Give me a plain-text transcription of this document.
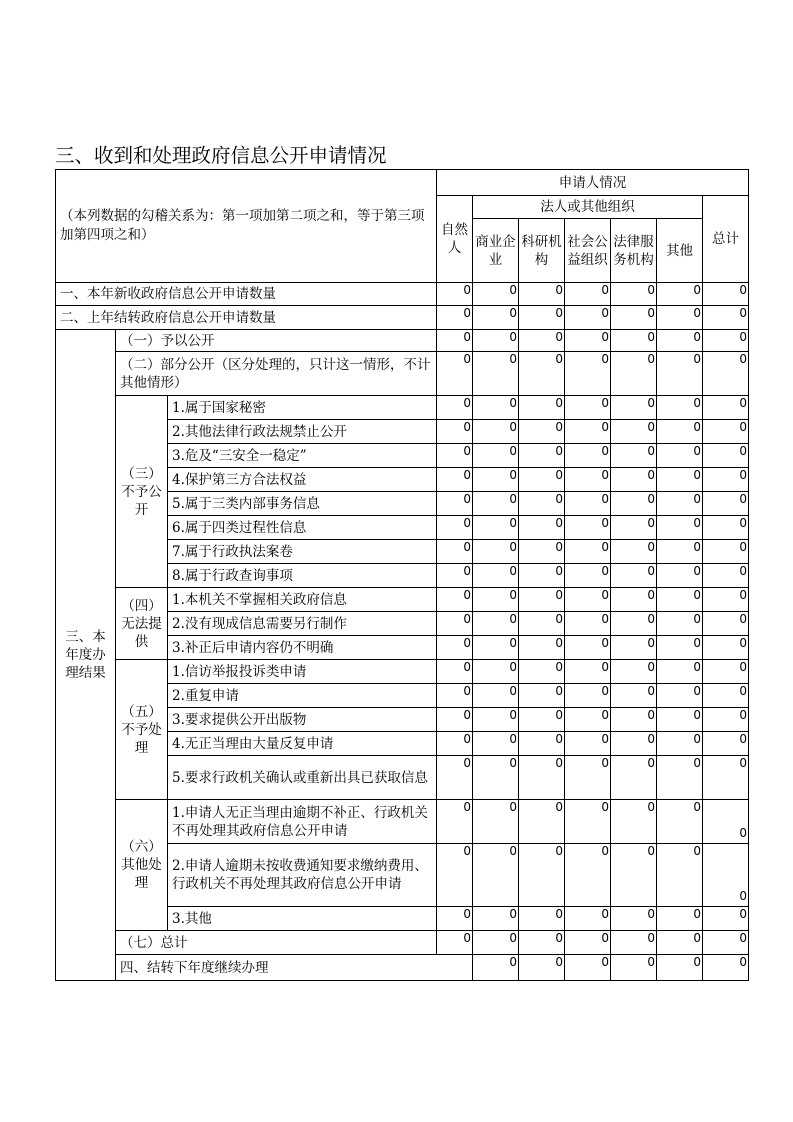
三、收到和处理政府信息公开申请情况
（本列数据的勾稽关系为：第一项加第二项之和，等于第三项加第四项之和）			申请人情况							
			自然人	法人或其他组织					总计	
				商业企业	科研机构	社会公益组织	法律服务机构	其他		
一、本年新收政府信息公开申请数量			0	0	0	0	0	0	0	
二、上年结转政府信息公开申请数量			0	0	0	0	0	0	0	
三、本年度办理结果	（一）予以公开		0	0	0	0	0	0	0	
	（二）部分公开（区分处理的，只计这一情形，不计其他情形）		0	0	0	0	0	0	0	
	（三）不予公开	1.属于国家秘密	0	0	0	0	0	0	0	
		2.其他法律行政法规禁止公开	0	0	0	0	0	0	0	
		3.危及“三安全一稳定”	0	0	0	0	0	0	0	
		4.保护第三方合法权益	0	0	0	0	0	0	0	
		5.属于三类内部事务信息	0	0	0	0	0	0	0	
		6.属于四类过程性信息	0	0	0	0	0	0	0	
		7.属于行政执法案卷	0	0	0	0	0	0	0	
		8.属于行政查询事项	0	0	0	0	0	0	0	
	（四）无法提供	1.本机关不掌握相关政府信息	0	0	0	0	0	0	0	
		2.没有现成信息需要另行制作	0	0	0	0	0	0	0	
		3.补正后申请内容仍不明确	0	0	0	0	0	0	0	
	（五）不予处理	1.信访举报投诉类申请	0	0	0	0	0	0	0	
		2.重复申请	0	0	0	0	0	0	0	
		3.要求提供公开出版物	0	0	0	0	0	0	0	
		4.无正当理由大量反复申请	0	0	0	0	0	0	0	
		5.要求行政机关确认或重新出具已获取信息	0	0	0	0	0	0	0	
	（六）其他处理	1.申请人无正当理由逾期不补正、行政机关不再处理其政府信息公开申请	0	0	0	0	0	0	0	
		2.申请人逾期未按收费通知要求缴纳费用、行政机关不再处理其政府信息公开申请	0	0	0	0	0	0	0	
		3.其他	0	0	0	0	0	0	0	
	（七）总计		0	0	0	0	0	0	0	
	四、结转下年度继续办理			0	0	0	0	0	0	
